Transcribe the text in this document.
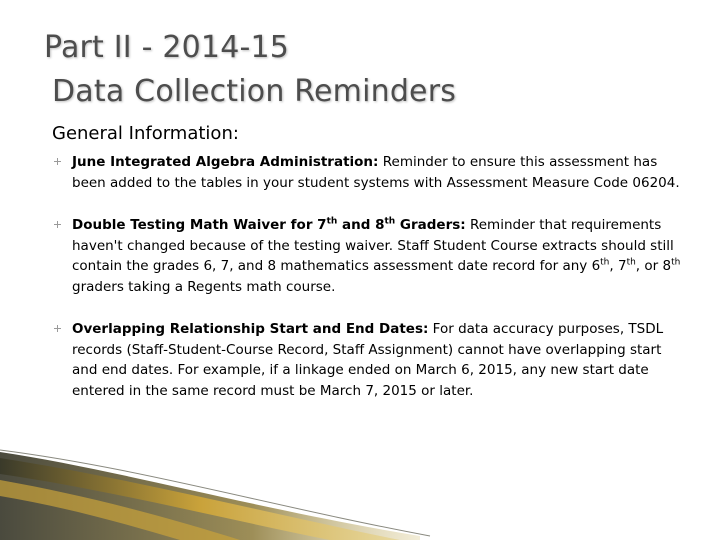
Part II - 2014-15
Data Collection Reminders
General Information:
June Integrated Algebra Administration: Reminder to ensure this assessment has been added to the tables in your student systems with Assessment Measure Code 06204.
Double Testing Math Waiver for 7th and 8th Graders: Reminder that requirements haven't changed because of the testing waiver. Staff Student Course extracts should still contain the grades 6, 7, and 8 mathematics assessment date record for any 6th, 7th, or 8th graders taking a Regents math course.
Overlapping Relationship Start and End Dates: For data accuracy purposes, TSDL records (Staff-Student-Course Record, Staff Assignment) cannot have overlapping start and end dates. For example, if a linkage ended on March 6, 2015, any new start date entered in the same record must be March 7, 2015 or later.
